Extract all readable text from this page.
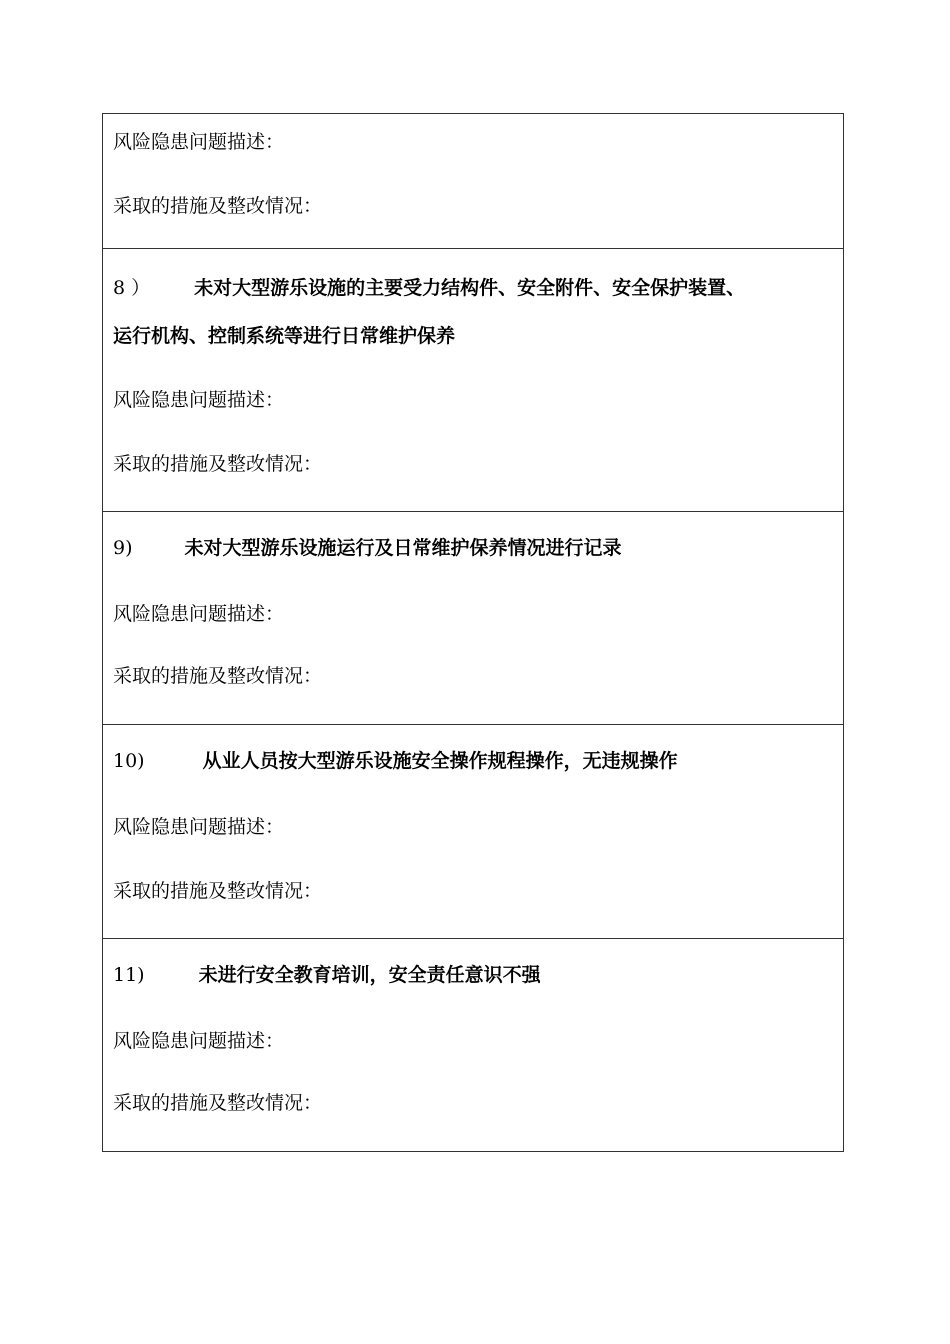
风险隐患问题描述：
采取的措施及整改情况：

8 ） 未对大型游乐设施的主要受力结构件、安全附件、安全保护装置、
运行机构、控制系统等进行日常维护保养
风险隐患问题描述：
采取的措施及整改情况：

9)	未对大型游乐设施运行及日常维护保养情况进行记录
风险隐患问题描述：
采取的措施及整改情况：

10)	从业人员按大型游乐设施安全操作规程操作，无违规操作
风险隐患问题描述：
采取的措施及整改情况：

11)	未进行安全教育培训，安全责任意识不强
风险隐患问题描述：
采取的措施及整改情况：
